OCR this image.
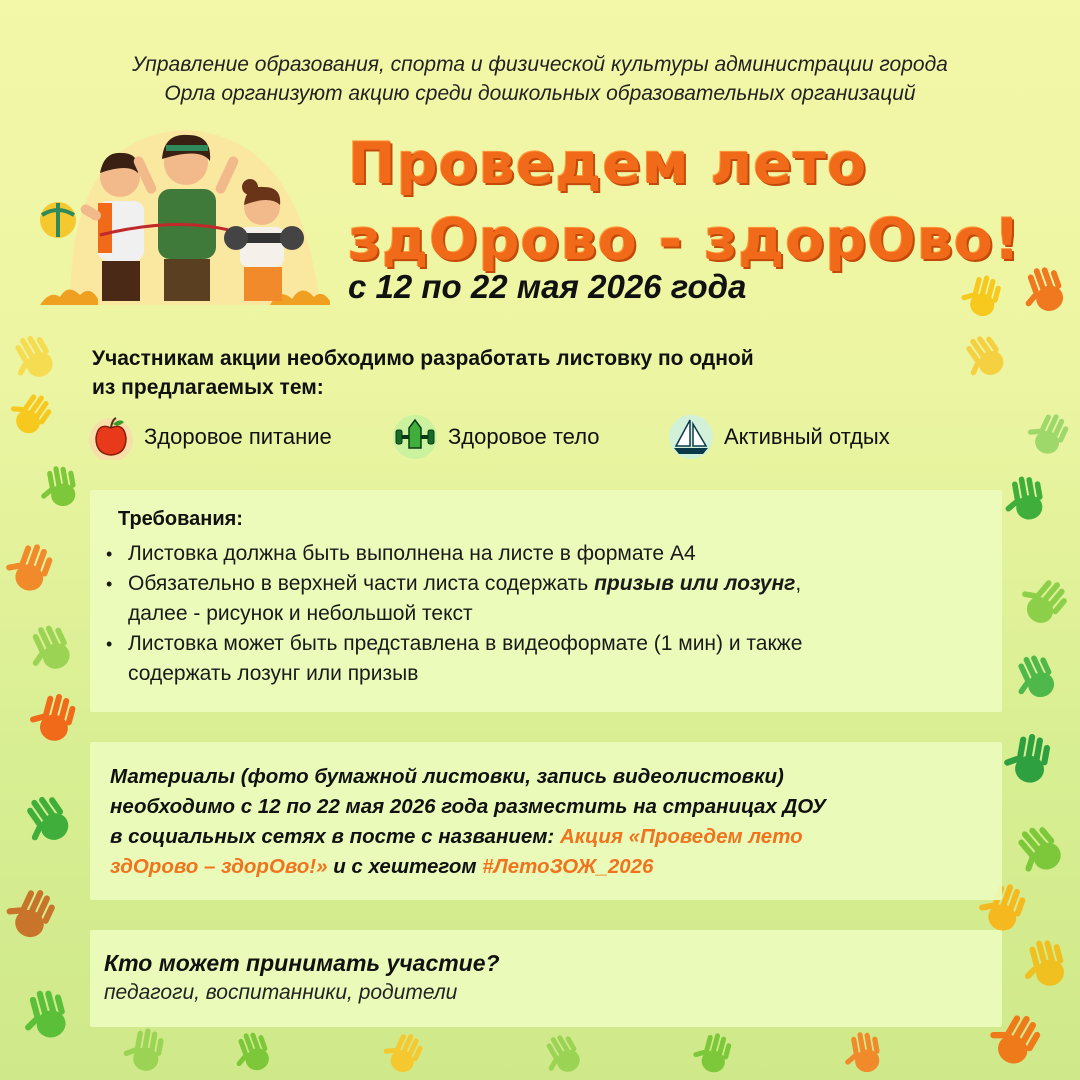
Управление образования, спорта и физической культуры администрации города
Орла организуют акцию среди дошкольных образовательных организаций
Проведем лето
здОрово - здорОво!
с 12 по 22 мая 2026 года
Участникам акции необходимо разработать листовку по одной
из предлагаемых тем:
Здоровое питание	Здоровое тело	Активный отдых
Требования:
• Листовка должна быть выполнена на листе в формате А4
• Обязательно в верхней части листа содержать призыв или лозунг,
далее - рисунок и небольшой текст
• Листовка может быть представлена в видеоформате (1 мин) и также
содержать лозунг или призыв
Материалы (фото бумажной листовки, запись видеолистовки)
необходимо с 12 по 22 мая 2026 года разместить на страницах ДОУ
в социальных сетях в посте с названием: Акция «Проведем лето
здОрово – здорОво!» и с хештегом #ЛетоЗОЖ_2026
Кто может принимать участие?
педагоги, воспитанники, родители
